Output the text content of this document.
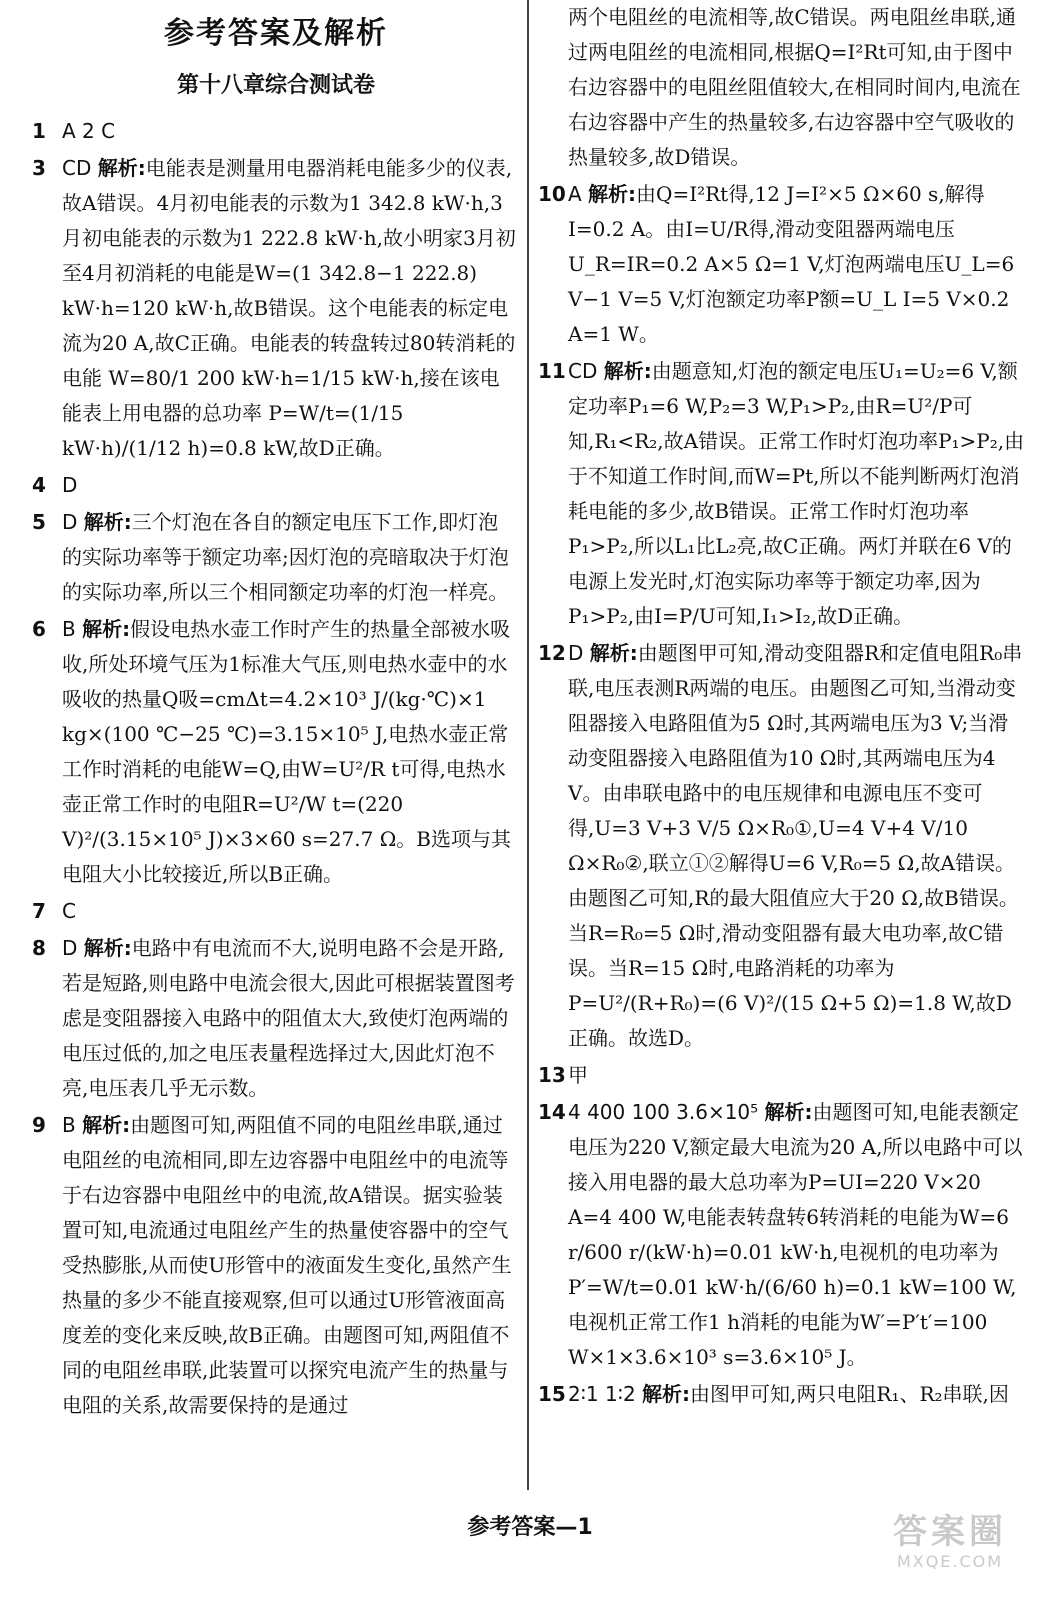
参考答案及解析
第十八章综合测试卷
1 A 2 C
3 CD 解析:电能表是测量用电器消耗电能多少的仪表,故A错误。4月初电能表的示数为1 342.8 kW·h,3月初电能表的示数为1 222.8 kW·h,故小明家3月初至4月初消耗的电能是W=(1 342.8−1 222.8) kW·h=120 kW·h,故B错误。这个电能表的标定电流为20 A,故C正确。电能表的转盘转过80转消耗的电能 W=80/1 200 kW·h=1/15 kW·h,接在该电能表上用电器的总功率 P=W/t=(1/15 kW·h)/(1/12 h)=0.8 kW,故D正确。
4 D
5 D 解析:三个灯泡在各自的额定电压下工作,即灯泡的实际功率等于额定功率;因灯泡的亮暗取决于灯泡的实际功率,所以三个相同额定功率的灯泡一样亮。
6 B 解析:假设电热水壶工作时产生的热量全部被水吸收,所处环境气压为1标准大气压,则电热水壶中的水吸收的热量Q吸=cmΔt=4.2×10³ J/(kg·℃)×1 kg×(100 ℃−25 ℃)=3.15×10⁵ J,电热水壶正常工作时消耗的电能W=Q,由W=U²/R t可得,电热水壶正常工作时的电阻R=U²/W t=(220 V)²/(3.15×10⁵ J)×3×60 s=27.7 Ω。B选项与其电阻大小比较接近,所以B正确。
7 C
8 D 解析:电路中有电流而不大,说明电路不会是开路,若是短路,则电路中电流会很大,因此可根据装置图考虑是变阻器接入电路中的阻值太大,致使灯泡两端的电压过低的,加之电压表量程选择过大,因此灯泡不亮,电压表几乎无示数。
9 B 解析:由题图可知,两阻值不同的电阻丝串联,通过电阻丝的电流相同,即左边容器中电阻丝中的电流等于右边容器中电阻丝中的电流,故A错误。据实验装置可知,电流通过电阻丝产生的热量使容器中的空气受热膨胀,从而使U形管中的液面发生变化,虽然产生热量的多少不能直接观察,但可以通过U形管液面高度差的变化来反映,故B正确。由题图可知,两阻值不同的电阻丝串联,此装置可以探究电流产生的热量与电阻的关系,故需要保持的是通过
两个电阻丝的电流相等,故C错误。两电阻丝串联,通过两电阻丝的电流相同,根据Q=I²Rt可知,由于图中右边容器中的电阻丝阻值较大,在相同时间内,电流在右边容器中产生的热量较多,右边容器中空气吸收的热量较多,故D错误。
10 A 解析:由Q=I²Rt得,12 J=I²×5 Ω×60 s,解得I=0.2 A。由I=U/R得,滑动变阻器两端电压U_R=IR=0.2 A×5 Ω=1 V,灯泡两端电压U_L=6 V−1 V=5 V,灯泡额定功率P额=U_L I=5 V×0.2 A=1 W。
11 CD 解析:由题意知,灯泡的额定电压U₁=U₂=6 V,额定功率P₁=6 W,P₂=3 W,P₁>P₂,由R=U²/P可知,R₁<R₂,故A错误。正常工作时灯泡功率P₁>P₂,由于不知道工作时间,而W=Pt,所以不能判断两灯泡消耗电能的多少,故B错误。正常工作时灯泡功率P₁>P₂,所以L₁比L₂亮,故C正确。两灯并联在6 V的电源上发光时,灯泡实际功率等于额定功率,因为P₁>P₂,由I=P/U可知,I₁>I₂,故D正确。
12 D 解析:由题图甲可知,滑动变阻器R和定值电阻R₀串联,电压表测R两端的电压。由题图乙可知,当滑动变阻器接入电路阻值为5 Ω时,其两端电压为3 V;当滑动变阻器接入电路阻值为10 Ω时,其两端电压为4 V。由串联电路中的电压规律和电源电压不变可得,U=3 V+3 V/5 Ω×R₀①,U=4 V+4 V/10 Ω×R₀②,联立①②解得U=6 V,R₀=5 Ω,故A错误。由题图乙可知,R的最大阻值应大于20 Ω,故B错误。当R=R₀=5 Ω时,滑动变阻器有最大电功率,故C错误。当R=15 Ω时,电路消耗的功率为P=U²/(R+R₀)=(6 V)²/(15 Ω+5 Ω)=1.8 W,故D正确。故选D。
13 甲
14 4 400 100 3.6×10⁵ 解析:由题图可知,电能表额定电压为220 V,额定最大电流为20 A,所以电路中可以接入用电器的最大总功率为P=UI=220 V×20 A=4 400 W,电能表转盘转6转消耗的电能为W=6 r/600 r/(kW·h)=0.01 kW·h,电视机的电功率为P′=W/t=0.01 kW·h/(6/60 h)=0.1 kW=100 W,电视机正常工作1 h消耗的电能为W′=P′t′=100 W×1×3.6×10³ s=3.6×10⁵ J。
15 2∶1 1∶2 解析:由图甲可知,两只电阻R₁、R₂串联,因
参考答案—1	答案圈
MXQE.COM
